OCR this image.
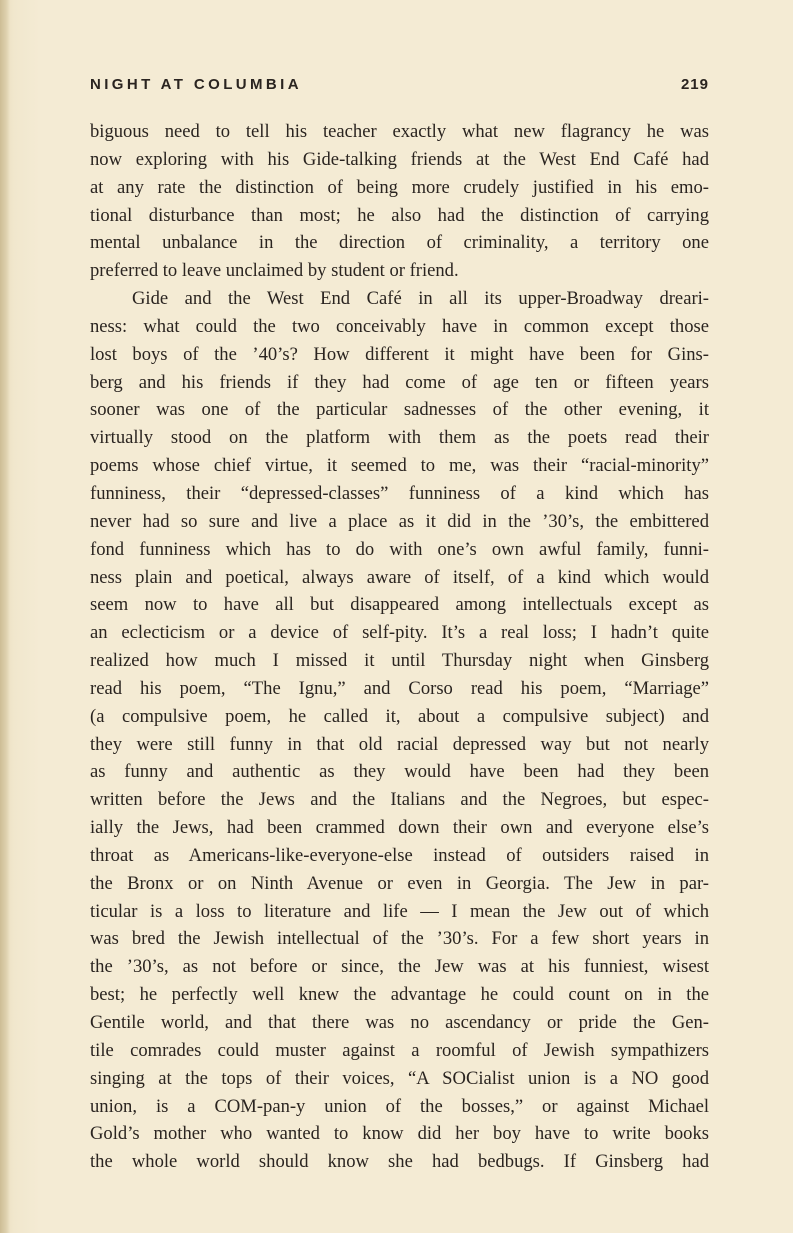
NIGHT AT COLUMBIA	219
biguous need to tell his teacher exactly what new flagrancy he was
now exploring with his Gide-talking friends at the West End Café had
at any rate the distinction of being more crudely justified in his emo-
tional disturbance than most; he also had the distinction of carrying
mental unbalance in the direction of criminality, a territory one
preferred to leave unclaimed by student or friend.
Gide and the West End Café in all its upper-Broadway dreari-
ness: what could the two conceivably have in common except those
lost boys of the ’40’s? How different it might have been for Gins-
berg and his friends if they had come of age ten or fifteen years
sooner was one of the particular sadnesses of the other evening, it
virtually stood on the platform with them as the poets read their
poems whose chief virtue, it seemed to me, was their “racial-minority”
funniness, their “depressed-classes” funniness of a kind which has
never had so sure and live a place as it did in the ’30’s, the embittered
fond funniness which has to do with one’s own awful family, funni-
ness plain and poetical, always aware of itself, of a kind which would
seem now to have all but disappeared among intellectuals except as
an eclecticism or a device of self-pity. It’s a real loss; I hadn’t quite
realized how much I missed it until Thursday night when Ginsberg
read his poem, “The Ignu,” and Corso read his poem, “Marriage”
(a compulsive poem, he called it, about a compulsive subject) and
they were still funny in that old racial depressed way but not nearly
as funny and authentic as they would have been had they been
written before the Jews and the Italians and the Negroes, but espec-
ially the Jews, had been crammed down their own and everyone else’s
throat as Americans-like-everyone-else instead of outsiders raised in
the Bronx or on Ninth Avenue or even in Georgia. The Jew in par-
ticular is a loss to literature and life — I mean the Jew out of which
was bred the Jewish intellectual of the ’30’s. For a few short years in
the ’30’s, as not before or since, the Jew was at his funniest, wisest
best; he perfectly well knew the advantage he could count on in the
Gentile world, and that there was no ascendancy or pride the Gen-
tile comrades could muster against a roomful of Jewish sympathizers
singing at the tops of their voices, “A SOCialist union is a NO good
union, is a COM-pan-y union of the bosses,” or against Michael
Gold’s mother who wanted to know did her boy have to write books
the whole world should know she had bedbugs. If Ginsberg had
